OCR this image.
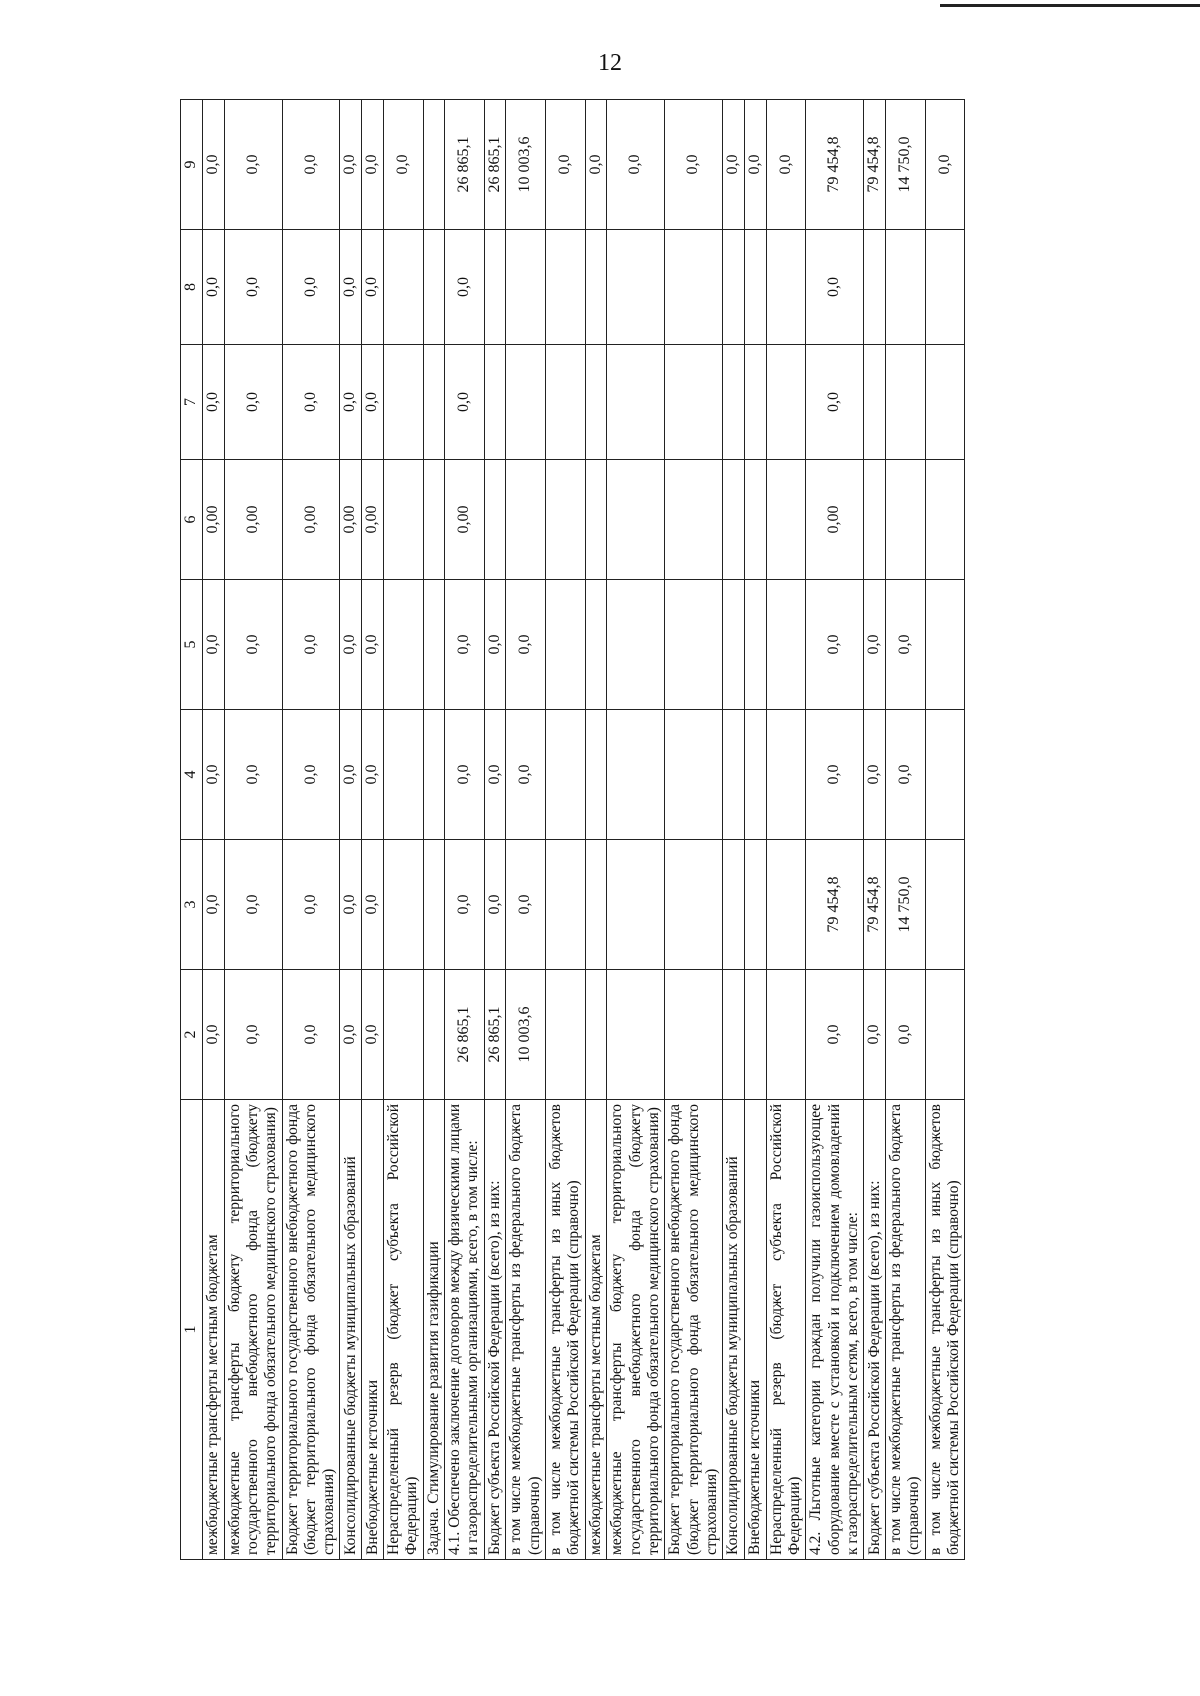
12
1	2	3	4	5	6	7	8	9
межбюджетные трансферты местным бюджетам	0,0	0,0	0,0	0,0	0,00	0,0	0,0	0,0
межбюджетные трансферты бюджету территориального государственного внебюджетного фонда (бюджету территориального фонда обязательного медицинского страхования)	0,0	0,0	0,0	0,0	0,00	0,0	0,0	0,0
Бюджет территориального государственного внебюджетного фонда (бюджет территориального фонда обязательного медицинского страхования)	0,0	0,0	0,0	0,0	0,00	0,0	0,0	0,0
Консолидированные бюджеты муниципальных образований	0,0	0,0	0,0	0,0	0,00	0,0	0,0	0,0
Внебюджетные источники	0,0	0,0	0,0	0,0	0,00	0,0	0,0	0,0
Нераспределенный резерв (бюджет субъекта Российской Федерации)								0,0
Задача. Стимулирование развития газификации								
4.1. Обеспечено заключение договоров между физическими лицами и газораспределительными организациями, всего, в том числе:	26 865,1	0,0	0,0	0,0	0,00	0,0	0,0	26 865,1
Бюджет субъекта Российской Федерации (всего), из них:	26 865,1	0,0	0,0	0,0				26 865,1
в том числе межбюджетные трансферты из федерального бюджета (справочно)	10 003,6	0,0	0,0	0,0				10 003,6
в том числе межбюджетные трансферты из иных бюджетов бюджетной системы Российской Федерации (справочно)								0,0
межбюджетные трансферты местным бюджетам								0,0
межбюджетные трансферты бюджету территориального государственного внебюджетного фонда (бюджету территориального фонда обязательного медицинского страхования)								0,0
Бюджет территориального государственного внебюджетного фонда (бюджет территориального фонда обязательного медицинского страхования)								0,0
Консолидированные бюджеты муниципальных образований								0,0
Внебюджетные источники								0,0
Нераспределенный резерв (бюджет субъекта Российской Федерации)								0,0
4.2. Льготные категории граждан получили газоиспользующее оборудование вместе с установкой и подключением домовладений к газораспределительным сетям, всего, в том числе:	0,0	79 454,8	0,0	0,0	0,00	0,0	0,0	79 454,8
Бюджет субъекта Российской Федерации (всего), из них:	0,0	79 454,8	0,0	0,0				79 454,8
в том числе межбюджетные трансферты из федерального бюджета (справочно)	0,0	14 750,0	0,0	0,0				14 750,0
в том числе межбюджетные трансферты из иных бюджетов бюджетной системы Российской Федерации (справочно)								0,0
